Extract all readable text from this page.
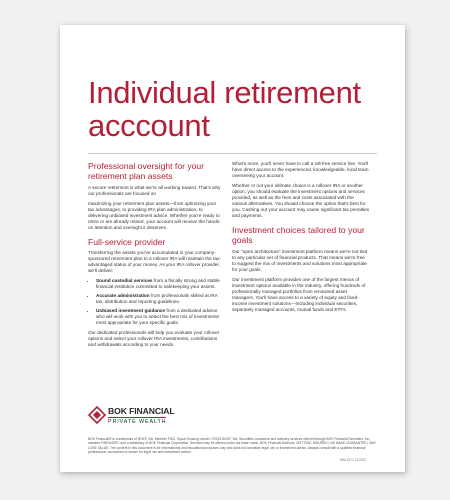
Individual retirement acccount
Professional oversight for your retirement plan assets

A secure retirement is what we're all working toward. That's why our professionals are focused on

maximizing your retirement plan assets—from optimizing your tax advantages, to providing IRA plan administration, to delivering unbiased investment advice. Whether you're ready to retire or are already retired, your account will receive the hands-on attention and oversight it deserves.

Full-service provider

Transferring the assets you've accumulated in your company-sponsored retirement plan to a rollover IRA will maintain the tax-advantaged status of your money. As your IRA rollover provider, we'll deliver:

• Sound custodial services from a fiscally strong and stable financial institution committed to safekeeping your assets.
• Accurate administration from professionals skilled at IRA tax, distribution and reporting guidelines.
• Unbiased investment guidance from a dedicated advisor who will work with you to select the best mix of investments most appropriate for your specific goals.

Our dedicated professionals will help you evaluate your rollover options and select your rollover IRA investments, contributions and withdrawals according to your needs.

What's more, you'll never have to call a toll-free service line. You'll have direct access to the experienced, knowledgeable, local team overseeing your account.

Whether or not your ultimate choice is a rollover IRA or another option, you should evaluate the investment options and services provided, as well as the fees and costs associated with the various alternatives. You should choose the option that's best for you. Cashing out your account may cause significant tax penalties and payments.

Investment choices tailored to your goals

Our "open architecture" investment platform means we're not tied to any particular set of financial products. That means we're free to suggest the mix of investments and solutions most appropriate for your goals.

Our investment platform provides one of the largest menus of investment options available in the industry, offering hundreds of professionally managed portfolios from renowned asset managers. You'll have access to a variety of equity and fixed-income investment solutions—including individual securities, separately managed accounts, mutual funds and ETFs.

BOK FINANCIAL
PRIVATE WEALTH
BOK Financial® is a trademark of BOKF, NA. Member FDIC. Equal Housing Lender. ©2023 BOKF, NA. Securities, insurance and advisory services offered through BOK Financial Securities, Inc., member FINRA/SIPC and a subsidiary of BOK Financial Corporation. Services may be offered under our trade name, BOK Financial Advisors. NOT FDIC INSURED | NO BANK GUARANTEE | MAY LOSE VALUE. The content in this document is for informational and educational purposes only and does not constitute legal, tax or investment advice. Always consult with a qualified financial professional, accountant or lawyer for legal, tax and investment advice.
WM-4271 12/2022
